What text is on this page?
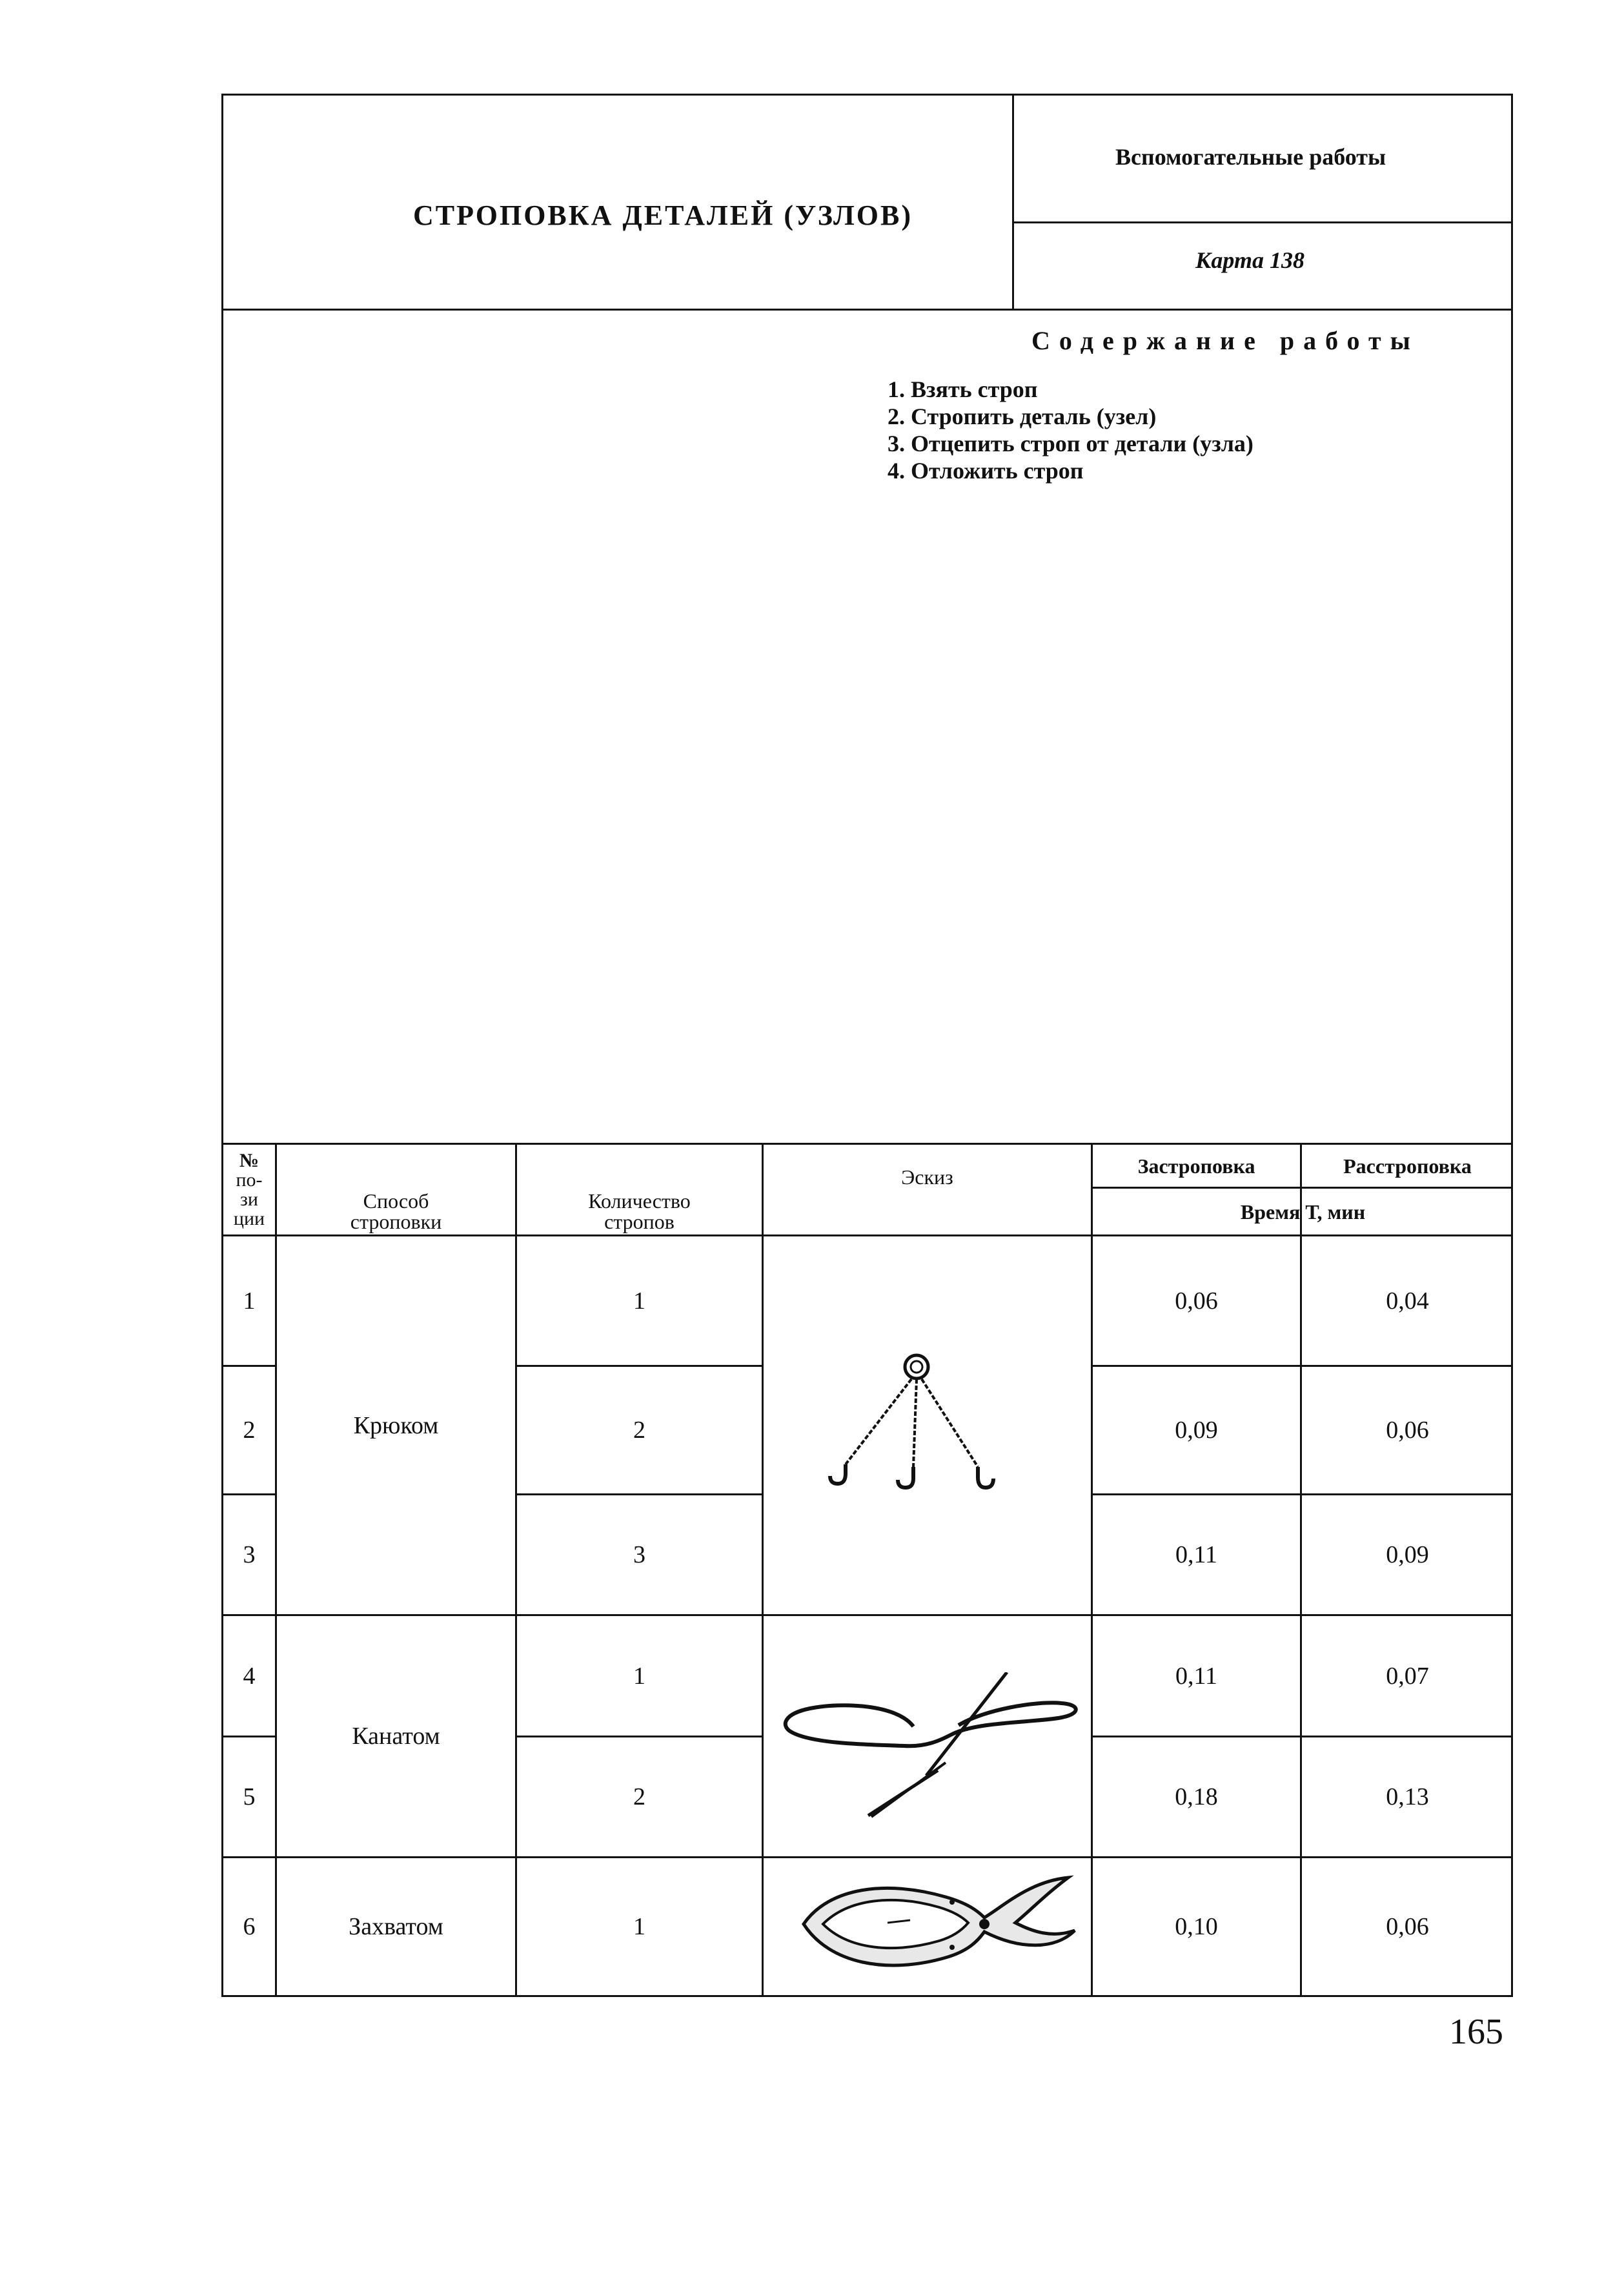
СТРОПОВКА ДЕТАЛЕЙ (УЗЛОВ)
Вспомогательные работы
Карта 138
Содержание работы
1. Взять строп
2. Стропить деталь (узел)
3. Отцепить строп от детали (узла)
4. Отложить строп
№
по-
зи
ции
Способ
строповки
Количество
стропов
Эскиз	Застроповка	Расстроповка
Время Т, мин
1
2
3
4
5
6
Крюком
Канатом
Захватом
1
2
3
1
2
1
0,06
0,09
0,11
0,11
0,18
0,10
0,04
0,06
0,09
0,07
0,13
0,06
165
